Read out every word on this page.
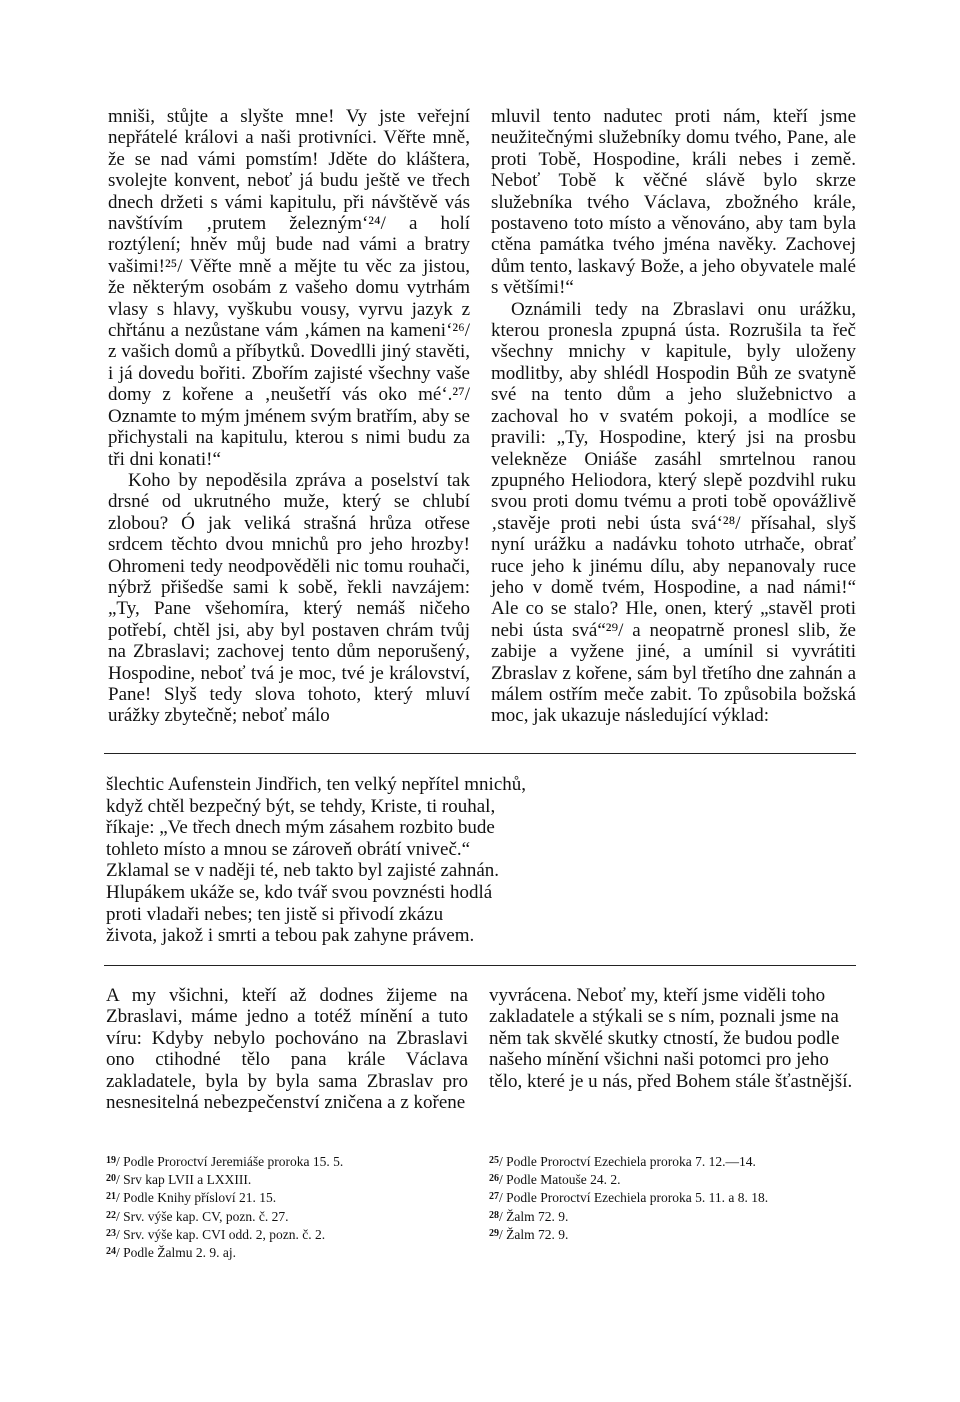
mniši, stůjte a slyšte mne! Vy jste veřejní nepřátelé královi a naši protivníci. Věřte mně, že se nad vámi pomstím! Jděte do kláštera, svolejte konvent, neboť já budu ještě ve třech dnech držeti s vámi kapitulu, při návštěvě vás navštívím ‚prutem železným‘²⁴/ a holí roztýlení; hněv můj bude nad vámi a bratry vašimi!²⁵/ Věřte mně a mějte tu věc za jistou, že některým osobám z vašeho domu vytrhám vlasy s hlavy, vyškubu vousy, vyrvu jazyk z chřtánu a nezůstane vám ‚kámen na kameni‘²⁶/ z vašich domů a příbytků. Dovedlli jiný stavěti, i já dovedu bořiti. Zbořím zajisté všechny vaše domy z kořene a ‚neušetří vás oko mé‘.²⁷/ Oznamte to mým jménem svým bratřím, aby se přichystali na kapitulu, kterou s nimi budu za tři dni konati!“

Koho by nepoděsila zpráva a poselství tak drsné od ukrutného muže, který se chlubí zlobou? Ó jak veliká strašná hrůza otřese srdcem těchto dvou mnichů pro jeho hrozby! Ohromeni tedy neodpověděli nic tomu rouhači, nýbrž přišedše sami k sobě, řekli navzájem: „Ty, Pane všehomíra, který nemáš ničeho potřebí, chtěl jsi, aby byl postaven chrám tvůj na Zbraslavi; zachovej tento dům neporušený, Hospodine, neboť tvá je moc, tvé je království, Pane! Slyš tedy slova tohoto, který mluví urážky zbytečně; neboť málo

mluvil tento nadutec proti nám, kteří jsme neužitečnými služebníky domu tvého, Pane, ale proti Tobě, Hospodine, králi nebes i země. Neboť Tobě k věčné slávě bylo skrze služebníka tvého Václava, zbožného krále, postaveno toto místo a věnováno, aby tam byla ctěna památka tvého jména navěky. Zachovej dům tento, laskavý Bože, a jeho obyvatele malé s většími!“

Oznámili tedy na Zbraslavi onu urážku, kterou pronesla zpupná ústa. Rozrušila ta řeč všechny mnichy v kapitule, byly uloženy modlitby, aby shlédl Hospodin Bůh ze svatyně své na tento dům a jeho služebnictvo a zachoval ho v svatém pokoji, a modlíce se pravili: „Ty, Hospodine, který jsi na prosbu velekněze Oniáše zasáhl smrtelnou ranou zpupného Heliodora, který slepě pozdvihl ruku svou proti domu tvému a proti tobě opovážlivě ‚stavěje proti nebi ústa svá‘²⁸/ přísahal, slyš nyní urážku a nadávku tohoto utrhače, obrať ruce jeho k jinému dílu, aby nepanovaly ruce jeho v domě tvém, Hospodine, a nad námi!“ Ale co se stalo? Hle, onen, který „stavěl proti nebi ústa svá“²⁹/ a neopatrně pronesl slib, že zabije a vyžene jiné, a umínil si vyvrátiti Zbraslav z kořene, sám byl třetího dne zahnán a málem ostřím meče zabit. To způsobila božská moc, jak ukazuje následující výklad:

šlechtic Aufenstein Jindřich, ten velký nepřítel mnichů,
když chtěl bezpečný být, se tehdy, Kriste, ti rouhal,
říkaje: „Ve třech dnech mým zásahem rozbito bude
tohleto místo a mnou se zároveň obrátí vniveč.“
Zklamal se v naději té, neb takto byl zajisté zahnán.
Hlupákem ukáže se, kdo tvář svou povznésti hodlá
proti vladaři nebes; ten jistě si přivodí zkázu
života, jakož i smrti a tebou pak zahyne právem.

A my všichni, kteří až dodnes žijeme na Zbraslavi, máme jedno a totéž mínění a tuto víru: Kdyby nebylo pochováno na Zbraslavi ono ctihodné tělo pana krále Václava zakladatele, byla by byla sama Zbraslav pro nesnesitelná nebezpečenství zničena a z kořene

vyvrácena. Neboť my, kteří jsme viděli toho zakladatele a stýkali se s ním, poznali jsme na něm tak skvělé skutky ctností, že budou podle našeho mínění všichni naši potomci pro jeho tělo, které je u nás, před Bohem stále šťastnější.

$^{19}$/ Podle Proroctví Jeremiáše proroka 15. 5.
$^{20}$/ Srv kap LVII a LXXIII.
$^{21}$/ Podle Knihy přísloví 21. 15.
$^{22}$/ Srv. výše kap. CV, pozn. č. 27.
$^{23}$/ Srv. výše kap. CVI odd. 2, pozn. č. 2.
$^{24}$/ Podle Žalmu 2. 9. aj.
$^{25}$/ Podle Proroctví Ezechiela proroka 7. 12.—14.
$^{26}$/ Podle Matouše 24. 2.
$^{27}$/ Podle Proroctví Ezechiela proroka 5. 11. a 8. 18.
$^{28}$/ Žalm 72. 9.
$^{29}$/ Žalm 72. 9.
